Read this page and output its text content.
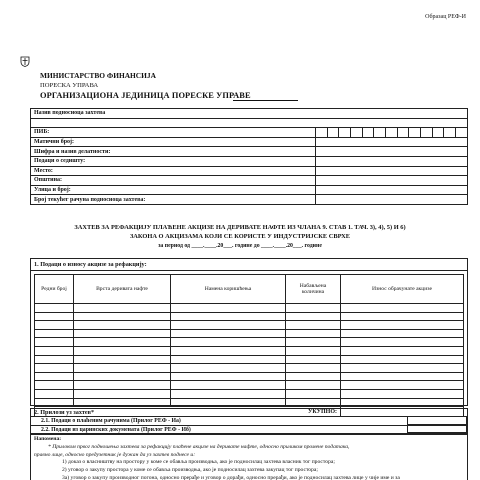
Образац РЕФ-И
МИНИСТАРСТВО ФИНАНСИЈА
ПОРЕСКА УПРАВА
ОРГАНИЗАЦИОНА ЈЕДИНИЦА ПОРЕСКЕ УПРАВЕ
Назив подносиоца захтева													

ПИБ:													
Матични број:													
Шифра и назив делатности:													
Подаци о седишту:													
Место:													
Општина:													
Улица и број:													
Број текућег рачуна подносиоца захтева:													
ЗАХТЕВ ЗА РЕФАКЦИЈУ ПЛАЋЕНЕ АКЦИЗЕ НА ДЕРИВАТЕ НАФТЕ ИЗ ЧЛАНА 9. СТАВ 1. ТАЧ. 3), 4), 5) И 6)
ЗАКОНА О АКЦИЗАМА КОЈИ СЕ КОРИСТЕ У ИНДУСТРИЈСКЕ СВРХЕ
за период од ____.____.20___. године до ____.____.20___. године
1. Подаци о износу акцизе за рефакцију:
Редни број	Врста деривата нафте	Намена коришћења	Набављена количина	Износ обрачунате акцизе

УКУПНО:				
2. Прилози уз захтев*
2.1. Подаци о плаћеним рачунима (Прилог РЕФ - Иа)
2.2. Подаци из царинских докумената (Прилог РЕФ - Иб)
Напомена:
* Прилоком првог подношења захтева за рефакцију плаћене акцизе на деривате нафте, односно приликом промене података,
правно лице, односно предузетник је дужан да уз захтев поднесе и:
1) доказ о власништву на простору у коме се обавља производња, ако је подносилац захтева власник тог простора;
2) уговор о закупу простора у коме се обавља производња, ако је подносилац захтева закупац тог простора;
3а) уговор о закупу производног погона, односно прерађе и уговор о дорађи, односно прерађи, ако је подносилац захтева лице у чије име и за
